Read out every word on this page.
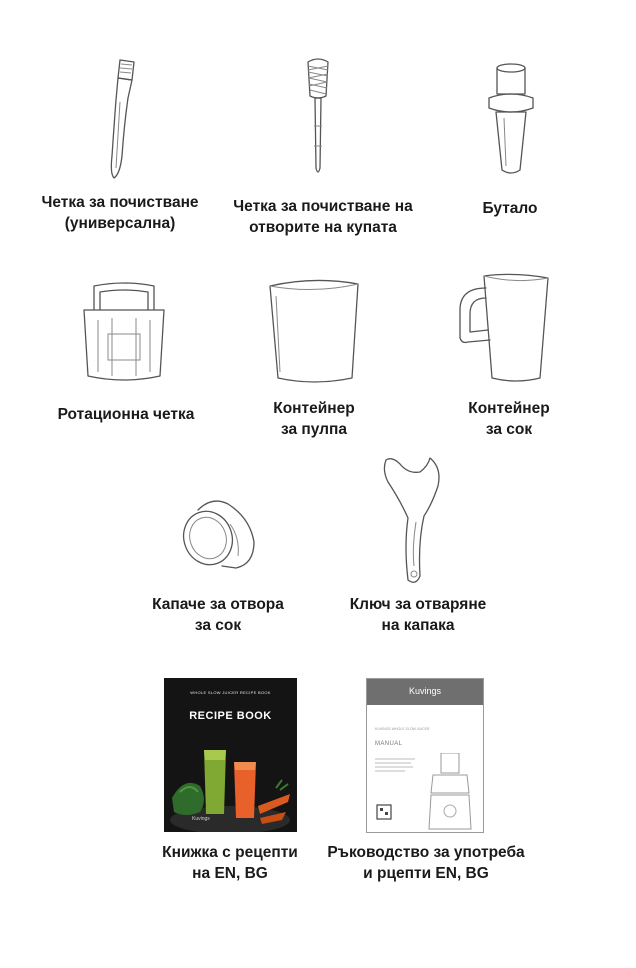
Четка за почистване
(универсална)
Четка за почистване на
отворите на купата
Бутало
Ротационна четка	Контейнер
за пулпа
Контейнер
за сок
Капаче за отвора
за сок
Ключ за отваряне
на капака
WHOLE SLOW JUICER RECIPE BOOK
RECIPE BOOK
Kuvings
Книжка с рецепти
на EN, BG
Kuvings
KUVINGS WHOLE SLOW JUICER
MANUAL
Ръководство за употреба
и рцепти EN, BG
